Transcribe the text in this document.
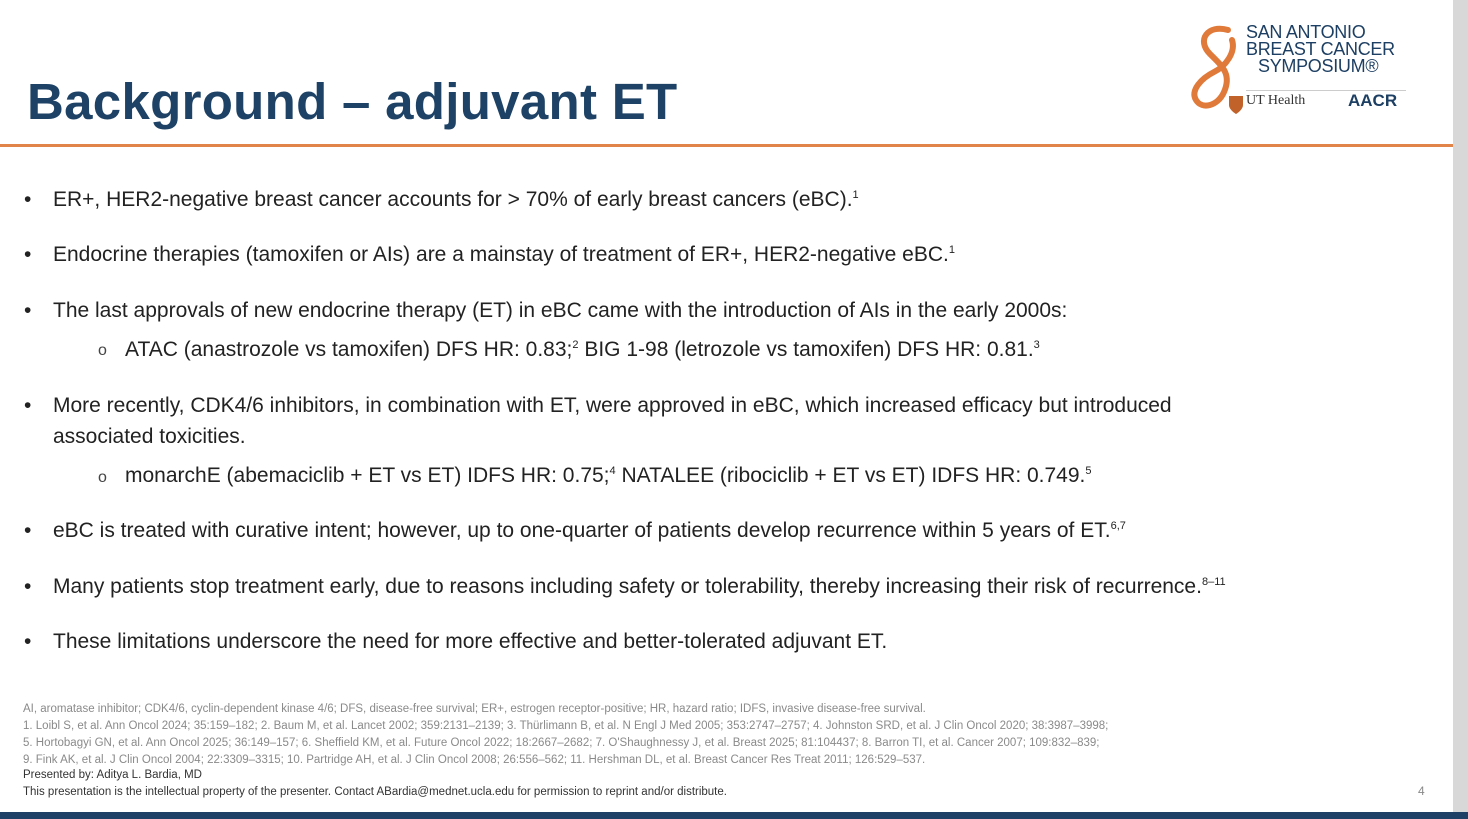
Background – adjuvant ET
SAN ANTONIO
BREAST CANCER
SYMPOSIUM®
UT Health	AACR
• ER+, HER2-negative breast cancer accounts for > 70% of early breast cancers (eBC).$^1$
• Endocrine therapies (tamoxifen or AIs) are a mainstay of treatment of ER+, HER2-negative eBC.$^1$
• The last approvals of new endocrine therapy (ET) in eBC came with the introduction of AIs in the early 2000s:
o ATAC (anastrozole vs tamoxifen) DFS HR: 0.83;$^2$ BIG 1-98 (letrozole vs tamoxifen) DFS HR: 0.81.$^3$
• More recently, CDK4/6 inhibitors, in combination with ET, were approved in eBC, which increased efficacy but introduced
associated toxicities.
o monarchE (abemaciclib + ET vs ET) IDFS HR: 0.75;$^4$ NATALEE (ribociclib + ET vs ET) IDFS HR: 0.749.$^5$
• eBC is treated with curative intent; however, up to one-quarter of patients develop recurrence within 5 years of ET.$^{6,7}$
• Many patients stop treatment early, due to reasons including safety or tolerability, thereby increasing their risk of recurrence.$^{8-11}$
• These limitations underscore the need for more effective and better-tolerated adjuvant ET.
AI, aromatase inhibitor; CDK4/6, cyclin-dependent kinase 4/6; DFS, disease-free survival; ER+, estrogen receptor-positive; HR, hazard ratio; IDFS, invasive disease-free survival.
1. Loibl S, et al. Ann Oncol 2024; 35:159–182; 2. Baum M, et al. Lancet 2002; 359:2131–2139; 3. Thürlimann B, et al. N Engl J Med 2005; 353:2747–2757; 4. Johnston SRD, et al. J Clin Oncol 2020; 38:3987–3998;
5. Hortobagyi GN, et al. Ann Oncol 2025; 36:149–157; 6. Sheffield KM, et al. Future Oncol 2022; 18:2667–2682; 7. O'Shaughnessy J, et al. Breast 2025; 81:104437; 8. Barron TI, et al. Cancer 2007; 109:832–839;
9. Fink AK, et al. J Clin Oncol 2004; 22:3309–3315; 10. Partridge AH, et al. J Clin Oncol 2008; 26:556–562; 11. Hershman DL, et al. Breast Cancer Res Treat 2011; 126:529–537.
Presented by: Aditya L. Bardia, MD
This presentation is the intellectual property of the presenter. Contact ABardia@mednet.ucla.edu for permission to reprint and/or distribute.	4
